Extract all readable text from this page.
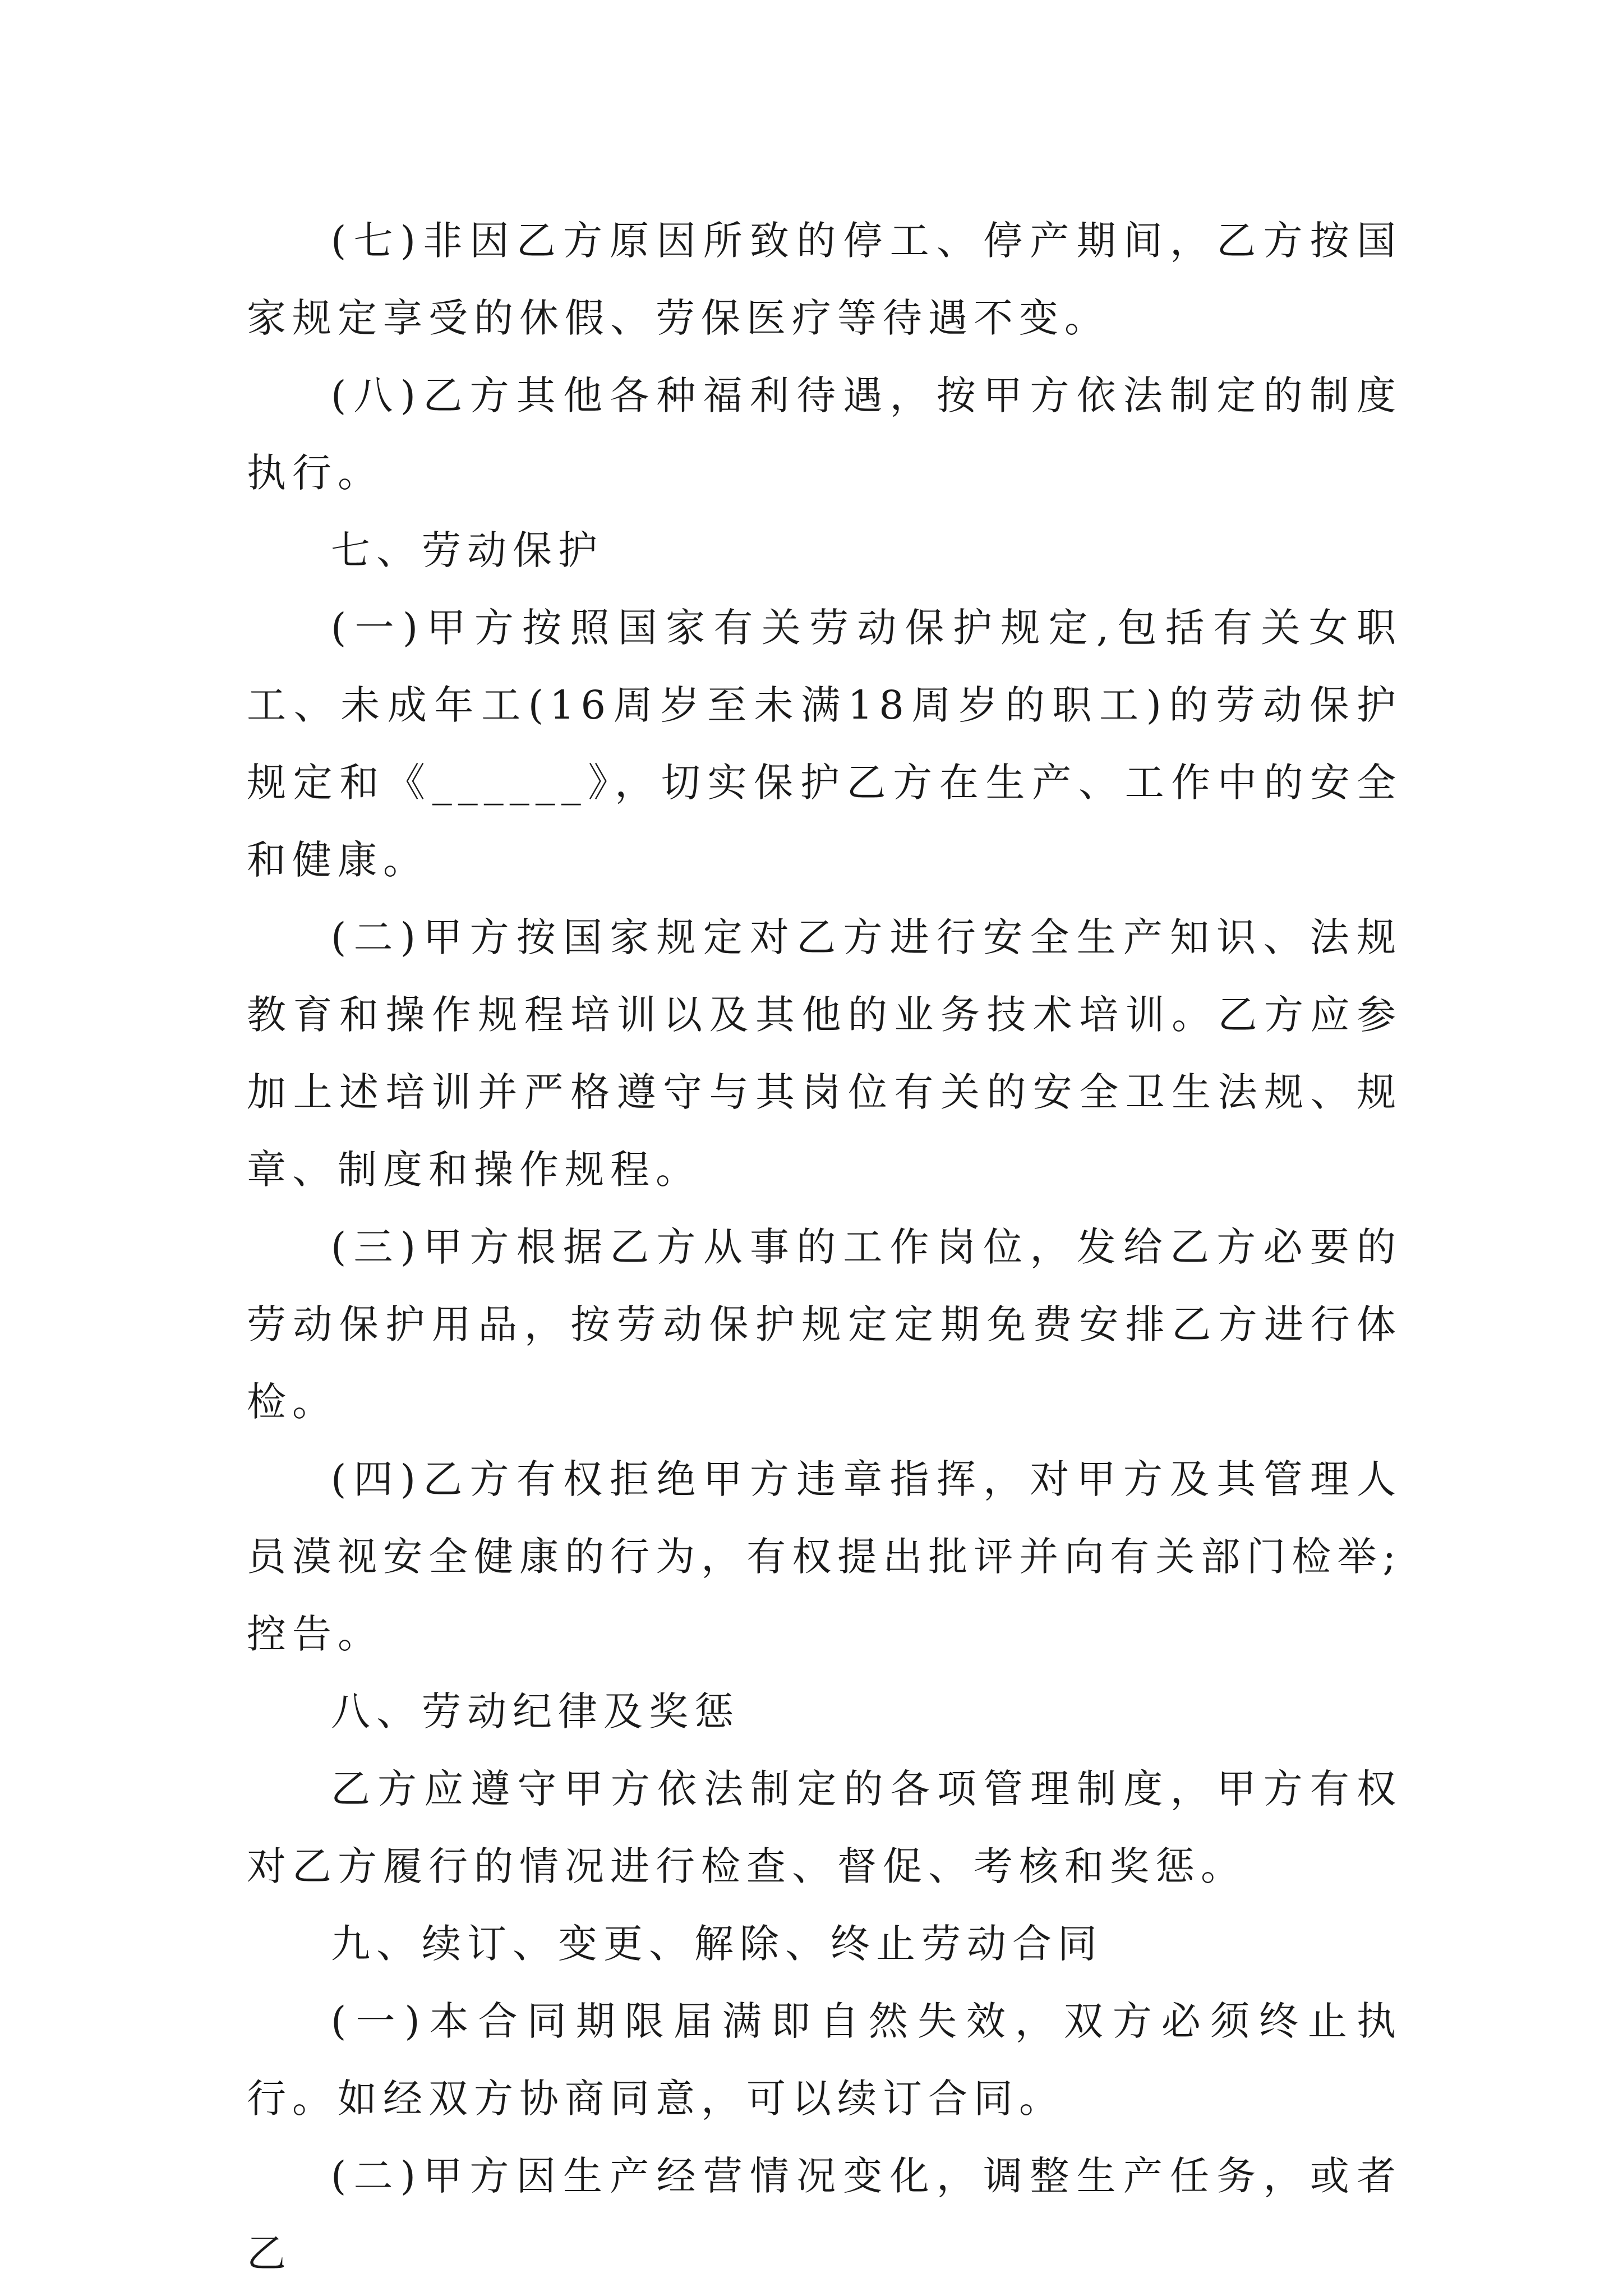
(七)非因乙方原因所致的停工、停产期间，乙方按国家规定享受的休假、劳保医疗等待遇不变。

(八)乙方其他各种福利待遇，按甲方依法制定的制度执行。

七、劳动保护

(一)甲方按照国家有关劳动保护规定,包括有关女职工、未成年工(16周岁至未满18周岁的职工)的劳动保护规定和《______》，切实保护乙方在生产、工作中的安全和健康。

(二)甲方按国家规定对乙方进行安全生产知识、法规教育和操作规程培训以及其他的业务技术培训。乙方应参加上述培训并严格遵守与其岗位有关的安全卫生法规、规章、制度和操作规程。

(三)甲方根据乙方从事的工作岗位，发给乙方必要的劳动保护用品，按劳动保护规定定期免费安排乙方进行体检。

(四)乙方有权拒绝甲方违章指挥，对甲方及其管理人员漠视安全健康的行为，有权提出批评并向有关部门检举;控告。

八、劳动纪律及奖惩

乙方应遵守甲方依法制定的各项管理制度，甲方有权对乙方履行的情况进行检查、督促、考核和奖惩。

九、续订、变更、解除、终止劳动合同

(一)本合同期限届满即自然失效，双方必须终止执行。如经双方协商同意，可以续订合同。

(二)甲方因生产经营情况变化，调整生产任务，或者乙
